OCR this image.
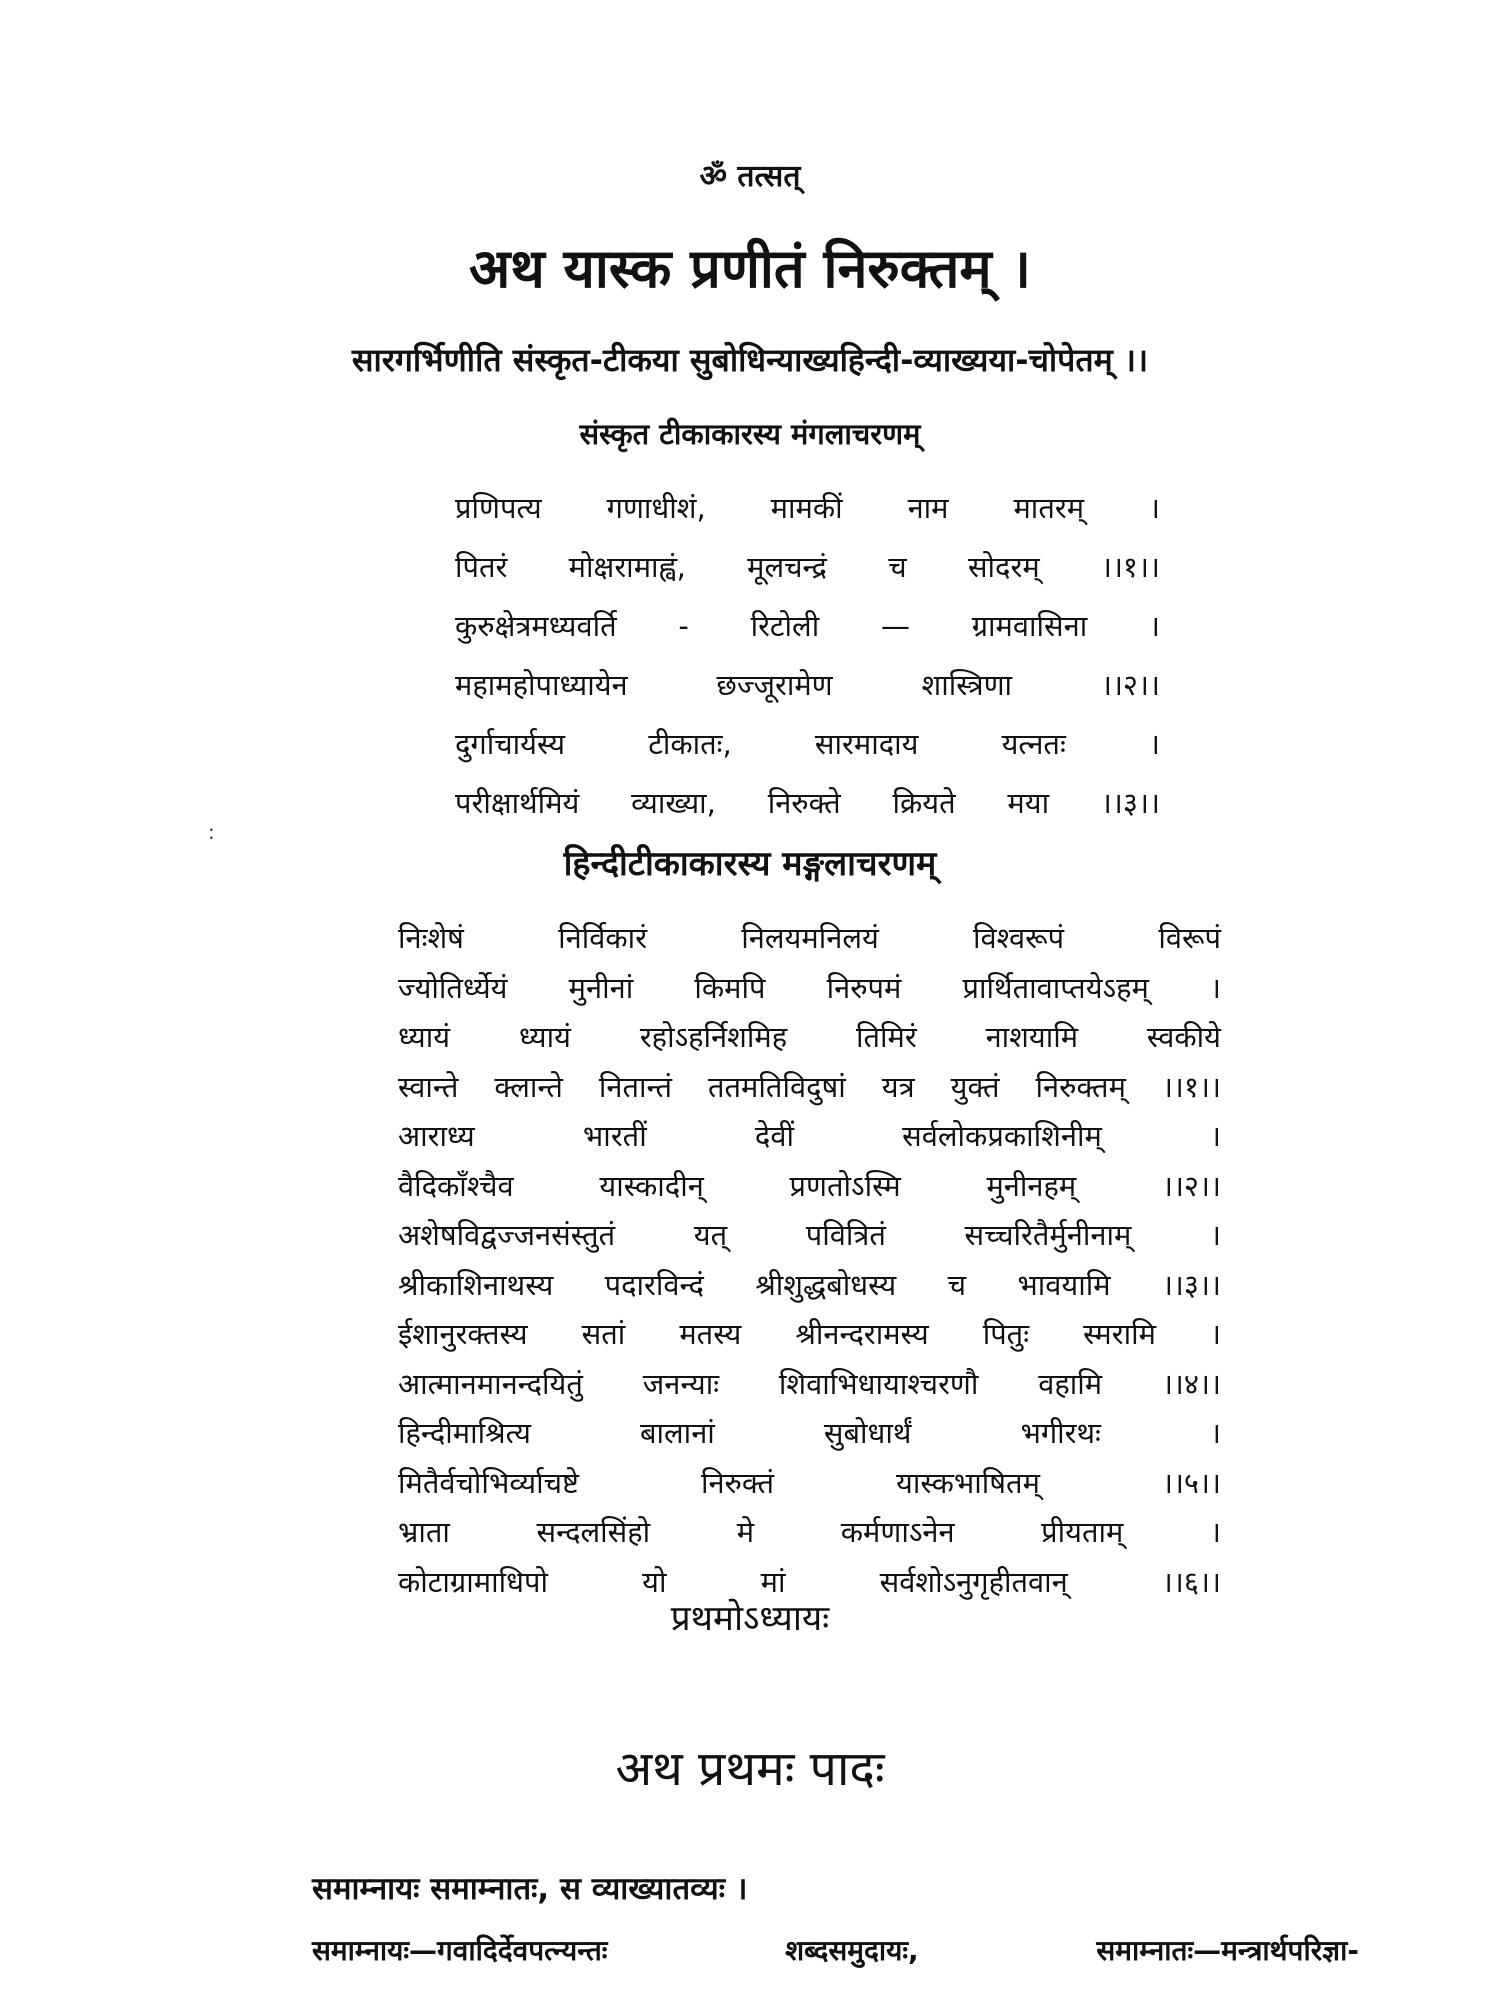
ॐ तत्सत्
अथ यास्क प्रणीतं निरुक्तम् ।
सारगर्भिणीति संस्कृत-टीकया सुबोधिन्याख्यहिन्दी-व्याख्यया-चोपेतम् ।।
संस्कृत टीकाकारस्य मंगलाचरणम्
प्रणिपत्य गणाधीशं, मामकीं नाम मातरम् ।
पितरं मोक्षरामाह्वं, मूलचन्द्रं च सोदरम् ।।१।।
कुरुक्षेत्रमध्यवर्ति - रिटोली — ग्रामवासिना ।
महामहोपाध्यायेन	छज्जूरामेण	शास्त्रिणा	।।२।।
दुर्गाचार्यस्य	टीकातः,	सारमादाय	यत्नतः	।
परीक्षार्थमियं व्याख्या, निरुक्ते क्रियते मया ।।३।।
:
हिन्दीटीकाकारस्य मङ्गलाचरणम्
निःशेषं	निर्विकारं	निलयमनिलयं	विश्वरूपं	विरूपं
ज्योतिर्ध्येयं मुनीनां किमपि निरुपमं प्रार्थितावाप्तयेऽहम् ।
ध्यायं ध्यायं रहोऽहर्निशमिह तिमिरं नाशयामि स्वकीये
स्वान्ते क्लान्ते नितान्तं ततमतिविदुषां यत्र युक्तं निरुक्तम् ।।१।।
आराध्य	भारतीं	देवीं	सर्वलोकप्रकाशिनीम्	।
वैदिकाँश्चैव	यास्कादीन्	प्रणतोऽस्मि	मुनीनहम्	।।२।।
अशेषविद्वज्जनसंस्तुतं	यत्	पवित्रितं	सच्चरितैर्मुनीनाम्	।
श्रीकाशिनाथस्य पदारविन्दं श्रीशुद्धबोधस्य च भावयामि ।।३।।
ईशानुरक्तस्य सतां मतस्य श्रीनन्दरामस्य पितुः स्मरामि ।
आत्मानमानन्दयितुं जनन्याः शिवाभिधायाश्चरणौ वहामि ।।४।।
हिन्दीमाश्रित्य	बालानां	सुबोधार्थं	भगीरथः	।
मितैर्वचोभिर्व्याचष्टे	निरुक्तं	यास्कभाषितम्	।।५।।
भ्राता	सन्दलसिंहो	मे	कर्मणाऽनेन	प्रीयताम्	।
कोटाग्रामाधिपो	यो	मां	सर्वशोऽनुगृहीतवान्	।।६।।
प्रथमोऽध्यायः
अथ प्रथमः पादः
समाम्नायः समाम्नातः, स व्याख्यातव्यः ।
समाम्नायः—गवादिर्देवपत्न्यन्तः	शब्दसमुदायः,	समाम्नातः—मन्त्रार्थपरिज्ञा-
